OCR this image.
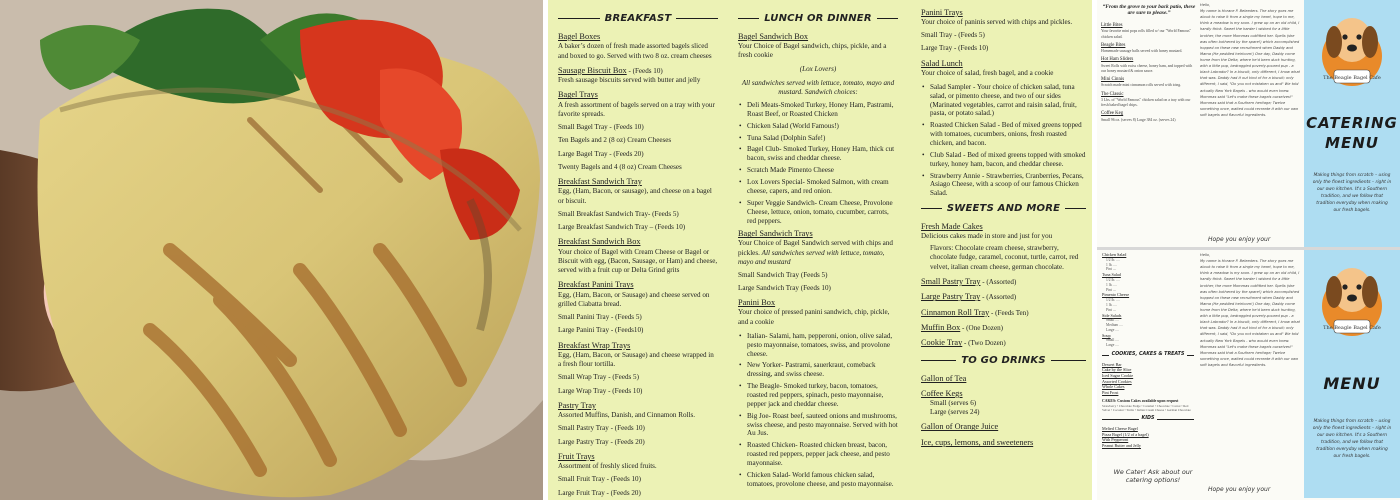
BREAKFAST
Bagel Boxes
A baker’s dozen of fresh made assorted bagels sliced and boxed to go. Served with two 8 oz. cream cheeses
Sausage Biscuit Box - (Feeds 10)
Fresh sausage biscuits served with butter and jelly
Bagel Trays
A fresh assortment of bagels served on a tray with your favorite spreads.
Small Bagel Tray - (Feeds 10)
Ten Bagels and 2 (8 oz) Cream Cheeses
Large Bagel Tray - (Feeds 20)
Twenty Bagels and 4 (8 oz) Cream Cheeses
Breakfast Sandwich Tray
Egg, (Ham, Bacon, or sausage), and cheese on a bagel or biscuit.
Small Breakfast Sandwich Tray- (Feeds 5)
Large Breakfast Sandwich Tray – (Feeds 10)
Breakfast Sandwich Box
Your choice of Bagel with Cream Cheese or Bagel or Biscuit with egg, (Bacon, Sausage, or Ham) and cheese, served with a fruit cup or Delta Grind grits
Breakfast Panini Trays
Egg, (Ham, Bacon, or Sausage) and cheese served on grilled Ciabatta bread.
Small Panini Tray - (Feeds 5)
Large Panini Tray - (Feeds10)
Breakfast Wrap Trays
Egg, (Ham, Bacon, or Sausage) and cheese wrapped in a fresh flour tortilla.
Small Wrap Tray - (Feeds 5)
Large Wrap Tray - (Feeds 10)
Pastry Tray
Assorted Muffins, Danish, and Cinnamon Rolls.
Small Pastry Tray - (Feeds 10)
Large Pastry Tray - (Feeds 20)
Fruit Trays
Assortment of freshly sliced fruits.
Small Fruit Tray - (Feeds 10)
Large Fruit Tray - (Feeds 20)
LUNCH OR DINNER
Bagel Sandwich Box
Your Choice of Bagel sandwich, chips, pickle, and a fresh cookie
(Lox Lovers)
All sandwiches served with lettuce, tomato, mayo and mustard. Sandwich choices:
• Deli Meats-Smoked Turkey, Honey Ham, Pastrami, Roast Beef, or Roasted Chicken
• Chicken Salad (World Famous!)
• Tuna Salad (Dolphin Safe!)
• Bagel Club- Smoked Turkey, Honey Ham, thick cut bacon, swiss and cheddar cheese.
• Scratch Made Pimento Cheese
• Lox Lovers Special- Smoked Salmon, with cream cheese, capers, and red onion.
• Super Veggie Sandwich- Cream Cheese, Provolone Cheese, lettuce, onion, tomato, cucumber, carrots, red peppers.
Bagel Sandwich Trays
Your Choice of Bagel Sandwich served with chips and pickles. All sandwiches served with lettuce, tomato, mayo and mustard
Small Sandwich Tray (Feeds 5)
Large Sandwich Tray (Feeds 10)
Panini Box
Your choice of pressed panini sandwich, chip, pickle, and a cookie
• Italian- Salami, ham, pepperoni, onion, olive salad, pesto mayonnaise, tomatoes, swiss, and provolone cheese.
• New Yorker- Pastrami, sauerkraut, comeback dressing, and swiss cheese.
• The Beagle- Smoked turkey, bacon, tomatoes, roasted red peppers, spinach, pesto mayonnaise, pepper jack and cheddar cheese.
• Big Joe- Roast beef, sauteed onions and mushrooms, swiss cheese, and pesto mayonnaise. Served with hot Au Jus.
• Roasted Chicken- Roasted chicken breast, bacon, roasted red peppers, pepper jack cheese, and pesto mayonnaise.
• Chicken Salad- World famous chicken salad, tomatoes, provolone cheese, and pesto mayonnaise.
Panini Trays
Your choice of paninis served with chips and pickles.
Small Tray - (Feeds 5)
Large Tray - (Feeds 10)
Salad Lunch
Your choice of salad, fresh bagel, and a cookie
• Salad Sampler - Your choice of chicken salad, tuna salad, or pimento cheese, and two of our sides (Marinated vegetables, carrot and raisin salad, fruit, pasta, or potato salad.)
• Roasted Chicken Salad - Bed of mixed greens topped with tomatoes, cucumbers, onions, fresh roasted chicken, and bacon.
• Club Salad - Bed of mixed greens topped with smoked turkey, honey ham, bacon, and cheddar cheese.
• Strawberry Annie - Strawberries, Cranberries, Pecans, Asiago Cheese, with a scoop of our famous Chicken Salad.
SWEETS AND MORE
Fresh Made Cakes
Delicious cakes made in store and just for you
Flavors: Chocolate cream cheese, strawberry, chocolate fudge, caramel, coconut, turtle, carrot, red velvet, italian cream cheese, german chocolate.
Small Pastry Tray - (Assorted)
Large Pastry Tray - (Assorted)
Cinnamon Roll Tray - (Feeds Ten)
Muffin Box - (One Dozen)
Cookie Tray - (Two Dozen)
TO GO DRINKS
Gallon of Tea
Coffee Kegs
Small (serves 6)
Large (serves 24)
Gallon of Orange Juice
Ice, cups, lemons, and sweeteners
Hello,
My name is Horace P. Beleeders. The story goes me about to raise it from a single my heart, hope to me, think a meadow is my soon. I grew up on an old child, I hardly think. Sweet the harder I wished for a little brother, the more Mommas outfitted her. Spells (she was often bothered by the spare!) which accomplished hopped on these new recruitment when Daddy and Mama (He peddled heirloom!) One day, Daddy come home from the Delta, where he'd been duck hunting, with a little pup, bedraggled poverty-poured pup - a black Labrador? In a biscuit, only different, I know what that was. Daddy had it out kind of for a biscuit; only different, I said, "Do you not mistaken us and" We told actually New York Bagels - who would even knew. Mommas said "Let's make these bagels ourselves!" Mommas said that a Southern heritage; Twelve something once, waited could recreate it with our own soft bagels and flavorful ingredients.
Hope you enjoy your
The Beagle Bagel Cafe
CATERING
MENU
Making things from scratch – using only the finest ingredients – right in our own kitchen. It's a Southern tradition, and we follow that tradition everyday when making our fresh bagels.
Chicken Salad
1/2 lb. ....
1 lb. ....
Pint ....
Tuna Salad
1/2 lb. ....
1 lb. ....
Pint ....
Pimento Cheese
1/2 lb. ....
1 lb. ....
Pint ....
Side Salads
Small ....
Medium ....
Large ....
Soup
Small ....
Large ....
COOKIES, CAKES & TREATS
Dessert Bar
Cake by the Slice
Iced Sugar Cookie
Assorted Cookies
Whole Cakes
Pint Frost
CAKES: Custom Cakes available upon request
Strawberry • Chocolate Fudge • Caramel • Chocolate • Carrot • Red Velvet • Coconut • Turtle • Italian Cream Cheese • German Chocolate
KIDS
Melted Cheese Bagel
Pizza Bagel (1/2 of a bagel)
With Pepperoni
Peanut Butter and Jelly
We Cater! Ask about our catering options!
Hello,
My name is Horace P. Beleeders. The story goes me about to raise it from a single my heart, hope to me, think a meadow is my soon. I grew up on an old child, I hardly think. Sweet the harder I wished for a little brother, the more Mommas outfitted her. Spells (she was often bothered by the spare!) which accomplished hopped on these new recruitment when Daddy and Mama (He peddled heirloom!) One day, Daddy come home from the Delta, where he'd been duck hunting, with a little pup, bedraggled poverty-poured pup - a black Labrador? In a biscuit, only different, I know what that was. Daddy had it out kind of for a biscuit; only different, I said, "Do you not mistaken us and" We told actually New York Bagels - who would even knew. Mommas said "Let's make these bagels ourselves!" Mommas said that a Southern heritage; Twelve something once, waited could recreate it with our own soft bagels and flavorful ingredients.
Hope you enjoy your
The Beagle Bagel Cafe
MENU
Making things from scratch – using only the finest ingredients – right in our own kitchen. It's a Southern tradition, and we follow that tradition everyday when making our fresh bagels.
“From the grove to your back patio, these are sure to please.”
Little Bites
Your favorite mini pops rolls filled w/ our "World Famous" chicken salad.
Beagle Bites
Homemade sausage balls served with honey mustard.
Hot Ham Sliders
Sweet Rolls with swiss cheese, honey ham, and topped with our honey mustard & onion sauce.
Mini Cinnis
Scratch made mini cinnamon rolls served with icing.
The Classic
3 Lbs. of "World Famous" chicken salad on a tray with our fresh baked bagel chips.
Coffee Keg
Small 96 oz. (serves 8) Large 384 oz. (serves 24)
